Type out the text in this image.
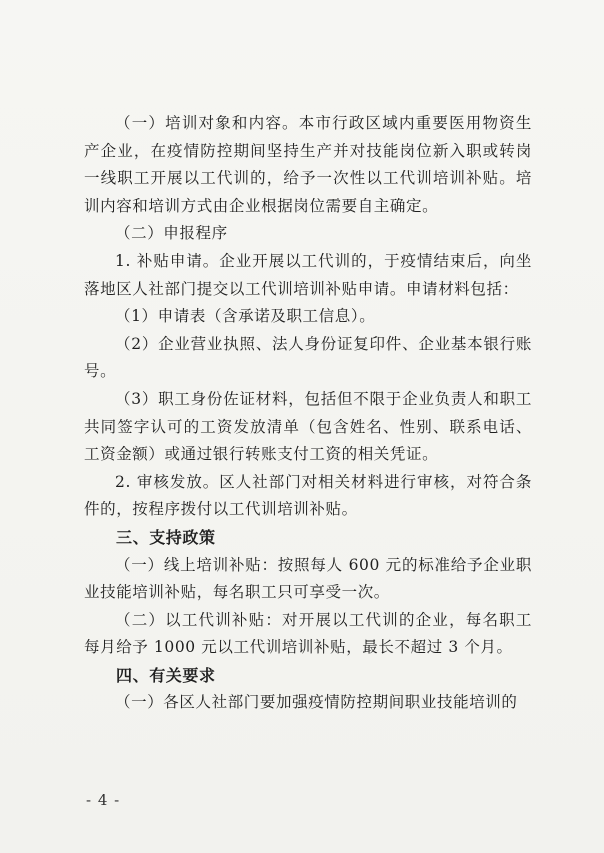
（一）培训对象和内容。本市行政区域内重要医用物资生产企业，在疫情防控期间坚持生产并对技能岗位新入职或转岗一线职工开展以工代训的，给予一次性以工代训培训补贴。培训内容和培训方式由企业根据岗位需要自主确定。

（二）申报程序

1. 补贴申请。企业开展以工代训的，于疫情结束后，向坐落地区人社部门提交以工代训培训补贴申请。申请材料包括：

（1）申请表（含承诺及职工信息）。

（2）企业营业执照、法人身份证复印件、企业基本银行账号。

（3）职工身份佐证材料，包括但不限于企业负责人和职工共同签字认可的工资发放清单（包含姓名、性别、联系电话、工资金额）或通过银行转账支付工资的相关凭证。

2. 审核发放。区人社部门对相关材料进行审核，对符合条件的，按程序拨付以工代训培训补贴。

三、支持政策

（一）线上培训补贴：按照每人 600 元的标准给予企业职业技能培训补贴，每名职工只可享受一次。

（二）以工代训补贴：对开展以工代训的企业，每名职工每月给予 1000 元以工代训培训补贴，最长不超过 3 个月。

四、有关要求

（一）各区人社部门要加强疫情防控期间职业技能培训的

- 4 -
